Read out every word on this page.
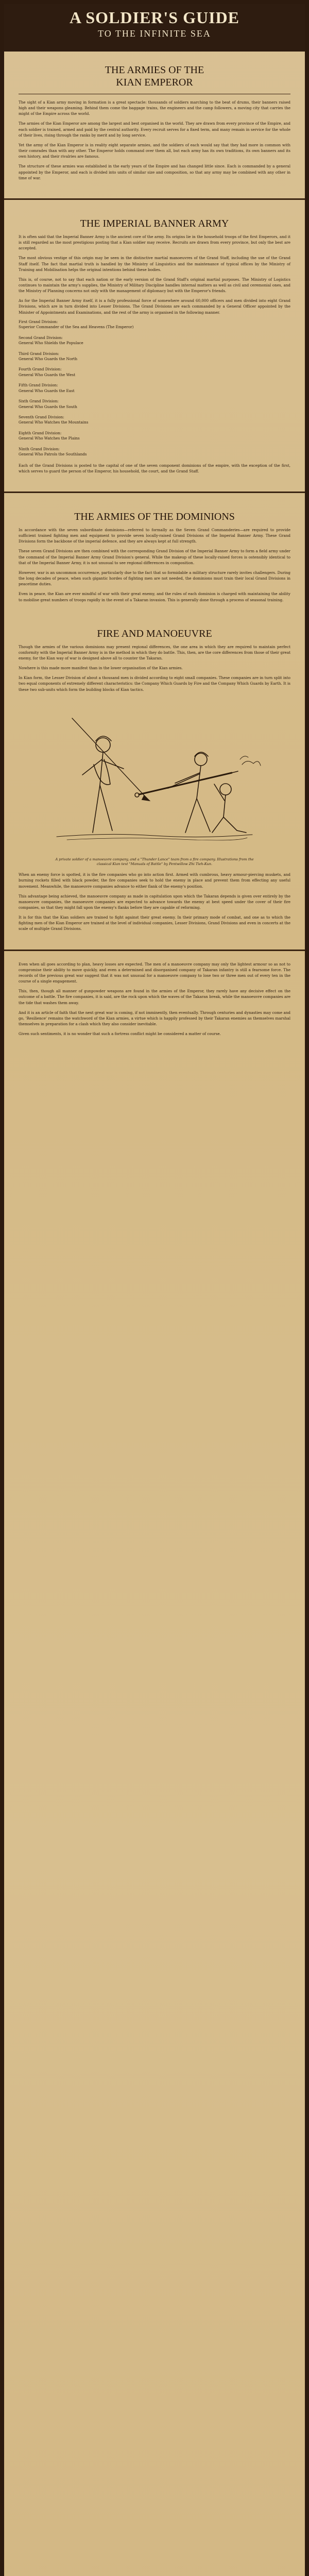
A SOLDIER'S GUIDE
TO THE INFINITE SEA
THE ARMIES OF THE
KIAN EMPEROR

The sight of a Kian army moving in formation is a great spectacle: thousands of soldiers marching to the beat of drums, their banners raised high and their weapons gleaming. Behind them come the baggage trains, the engineers and the camp followers, a moving city that carries the might of the Empire across the world.

The armies of the Kian Emperor are among the largest and best organised in the world. They are drawn from every province of the Empire, and each soldier is trained, armed and paid by the central authority. Every recruit serves for a fixed term, and many remain in service for the whole of their lives, rising through the ranks by merit and by long service.

Yet the army of the Kian Emperor is in reality eight separate armies, and the soldiers of each would say that they had more in common with their comrades than with any other. The Emperor holds command over them all, but each army has its own traditions, its own banners and its own history, and their rivalries are famous.

The structure of these armies was established in the early years of the Empire and has changed little since. Each is commanded by a general appointed by the Emperor, and each is divided into units of similar size and composition, so that any army may be combined with any other in time of war.

THE IMPERIAL BANNER ARMY

It is often said that the Imperial Banner Army is the ancient core of the army. Its origins lie in the household troops of the first Emperors, and it is still regarded as the most prestigious posting that a Kian soldier may receive. Recruits are drawn from every province, but only the best are accepted.

The most obvious vestige of this origin may be seen in the distinctive martial manoeuvres of the Grand Staff, including the use of the Grand Staff itself. The fact that martial truth is handled by the Ministry of Linguistics and the maintenance of typical offices by the Ministry of Training and Mobilisation helps the original intentions behind these bodies.

This is, of course, not to say that each nation or the early version of the Grand Staff's original martial purposes. The Ministry of Logistics continues to maintain the army's supplies, the Ministry of Military Discipline handles internal matters as well as civil and ceremonial ones, and the Ministry of Planning concerns not only with the management of diplomacy but with the Emperor's friends.

As for the Imperial Banner Army itself, it is a fully professional force of somewhere around 60,000 officers and men divided into eight Grand Divisions, which are in turn divided into Lesser Divisions. The Grand Divisions are each commanded by a General Officer appointed by the Minister of Appointments and Examinations, and the rest of the army is organised in the following manner.

First Grand Division:
Superior Commander of the Sea and Heavens (The Emperor)
Second Grand Division:
General Who Shields the Populace
Third Grand Division:
General Who Guards the North
Fourth Grand Division:
General Who Guards the West
Fifth Grand Division:
General Who Guards the East
Sixth Grand Division:
General Who Guards the South
Seventh Grand Division:
General Who Watches the Mountains
Eighth Grand Division:
General Who Watches the Plains
Ninth Grand Division:
General Who Patrols the Southlands

Each of the Grand Divisions is posted to the capital of one of the seven component dominions of the empire, with the exception of the first, which serves to guard the person of the Emperor, his household, the court, and the Grand Staff.

THE ARMIES OF THE DOMINIONS

In accordance with the seven subordinate dominions—referred to formally as the Seven Grand Commanderies—are required to provide sufficient trained fighting men and equipment to provide seven locally-raised Grand Divisions of the Imperial Banner Army. These Grand Divisions form the backbone of the imperial defence, and they are always kept at full strength.

These seven Grand Divisions are then combined with the corresponding Grand Division of the Imperial Banner Army to form a field army under the command of the Imperial Banner Army Grand Division's general. While the makeup of these locally-raised forces is ostensibly identical to that of the Imperial Banner Army, it is not unusual to see regional differences in composition.

However, war is an uncommon occurrence, particularly due to the fact that so formidable a military structure rarely invites challengers. During the long decades of peace, when such gigantic hordes of fighting men are not needed, the dominions must train their local Grand Divisions in peacetime duties.

Even in peace, the Kian are ever mindful of war with their great enemy, and the rules of each dominion is charged with maintaining the ability to mobilise great numbers of troops rapidly in the event of a Takaran invasion. This is generally done through a process of seasonal training.

FIRE AND MANOEUVRE

Though the armies of the various dominions may present regional differences, the one area in which they are required to maintain perfect conformity with the Imperial Banner Army is in the method in which they do battle. This, then, are the core differences from those of their great enemy, for the Kian way of war is designed above all to counter the Takaran.

Nowhere is this made more manifest than in the lower organisation of the Kian armies.

In Kian form, the Lesser Division of about a thousand men is divided according to eight small companies. These companies are in turn split into two equal components of extremely different characteristics: the Company Which Guards by Fire and the Company Which Guards by Earth. It is these two sub-units which form the building blocks of Kian tactics.

A private soldier of a manoeuvre company, and a "Thunder Lance" team from a fire company. Illustrations from the classical Kian text "Manuals of Battle" by Pentwillow Zhi Tieh-Kun.

When an enemy force is spotted, it is the fire companies who go into action first. Armed with cumbrous, heavy armour-piercing muskets, and burning rockets filled with black powder, the fire companies seek to hold the enemy in place and prevent them from effecting any useful movement. Meanwhile, the manoeuvre companies advance to either flank of the enemy's position.

This advantage being achieved, the manoeuvre company as made in capitulation upon which the Takaran depends is given over entirely by the manoeuvre companies, the manoeuvre companies are expected to advance towards the enemy at best speed under the cover of their fire companies, so that they might fall upon the enemy's flanks before they are capable of reforming.

It is for this that the Kian soldiers are trained to fight against their great enemy. In their primary mode of combat, and one as to which the fighting men of the Kian Emperor are trained at the level of individual companies, Lesser Divisions, Grand Divisions and even in concerts at the scale of multiple Grand Divisions.

Even when all goes according to plan, heavy losses are expected. The men of a manoeuvre company may only the lightest armour so as not to compromise their ability to move quickly, and even a determined and disorganised company of Takaran infantry is still a fearsome force. The records of the previous great war suggest that it was not unusual for a manoeuvre company to lose two or three men out of every ten in the course of a single engagement.

This, then, though all manner of gunpowder weapons are found in the armies of the Emperor, they rarely have any decisive effect on the outcome of a battle. The fire companies, it is said, are the rock upon which the waves of the Takaran break, while the manoeuvre companies are the tide that washes them away.

And it is an article of faith that the next great war is coming, if not imminently, then eventually. Through centuries and dynasties may come and go, 'Resilience' remains the watchword of the Kian armies, a virtue which is happily professed by their Takaran enemies as themselves marshal themselves in preparation for a clash which they also consider inevitable.

Given such sentiments, it is no wonder that such a fortress conflict might be considered a matter of course.
